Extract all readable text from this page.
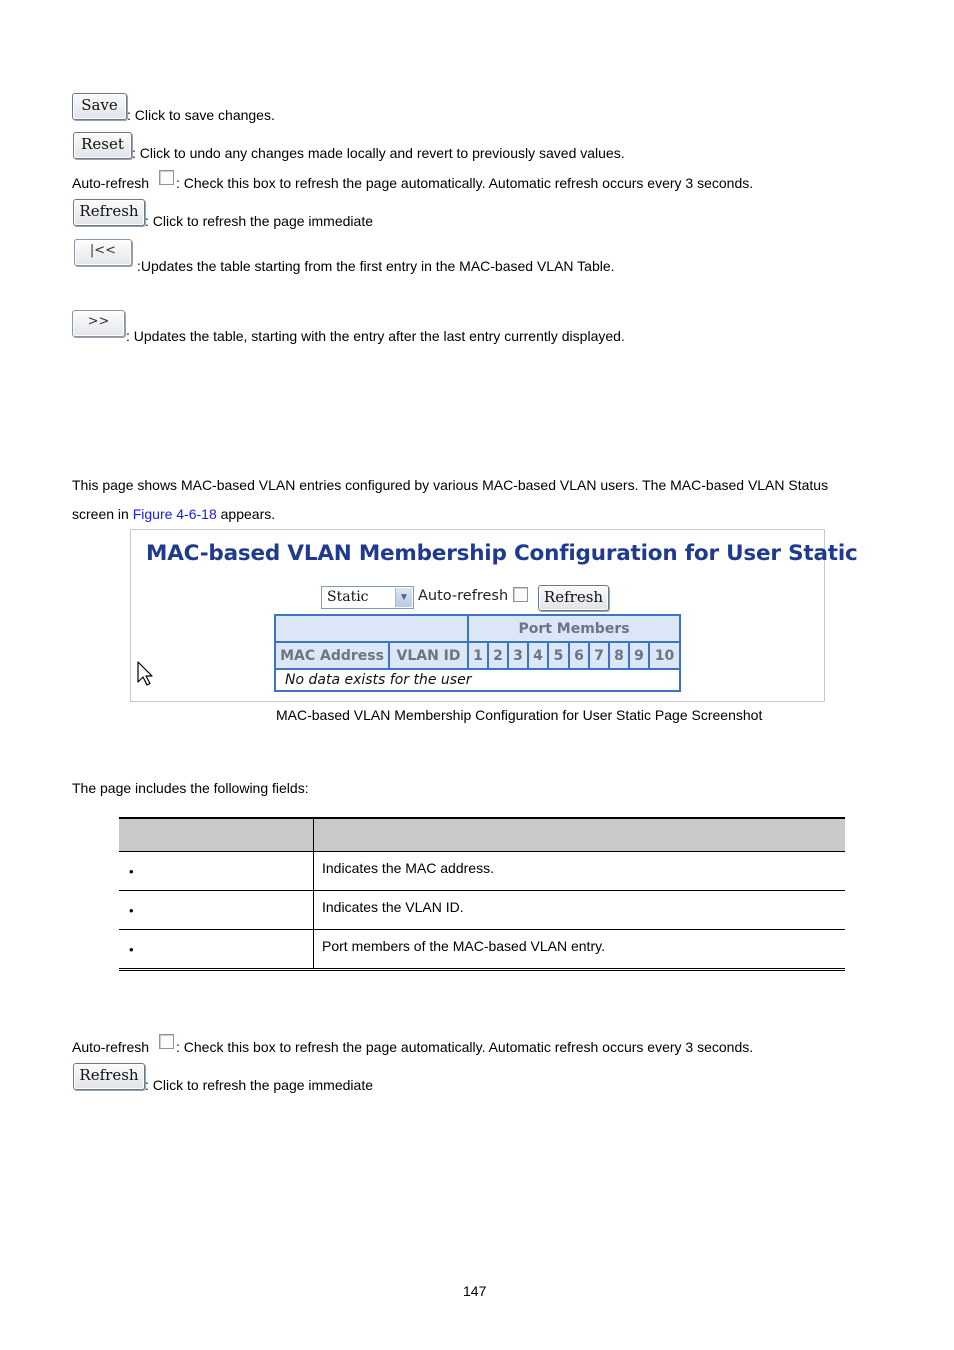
Save
: Click to save changes.
Reset : Click to undo any changes made locally and revert to previously saved values.
Auto-refresh : Check this box to refresh the page automatically. Automatic refresh occurs every 3 seconds.
Refresh
: Click to refresh the page immediate
|<<
:Updates the table starting from the first entry in the MAC-based VLAN Table.
>>
: Updates the table, starting with the entry after the last entry currently displayed.
This page shows MAC-based VLAN entries configured by various MAC-based VLAN users. The MAC-based VLAN Status
screen in Figure 4-6-18 appears.
MAC-based VLAN Membership Configuration for User Static
Static	▼ Auto-refresh	Refresh
Port Members
MAC Address VLAN ID 1 2 3 4 5 6 7 8 9 10
No data exists for the user
MAC-based VLAN Membership Configuration for User Static Page Screenshot
The page includes the following fields:
•	Indicates the MAC address.
•	Indicates the VLAN ID.
•	Port members of the MAC-based VLAN entry.
Auto-refresh : Check this box to refresh the page automatically. Automatic refresh occurs every 3 seconds.
Refresh
: Click to refresh the page immediate
147
